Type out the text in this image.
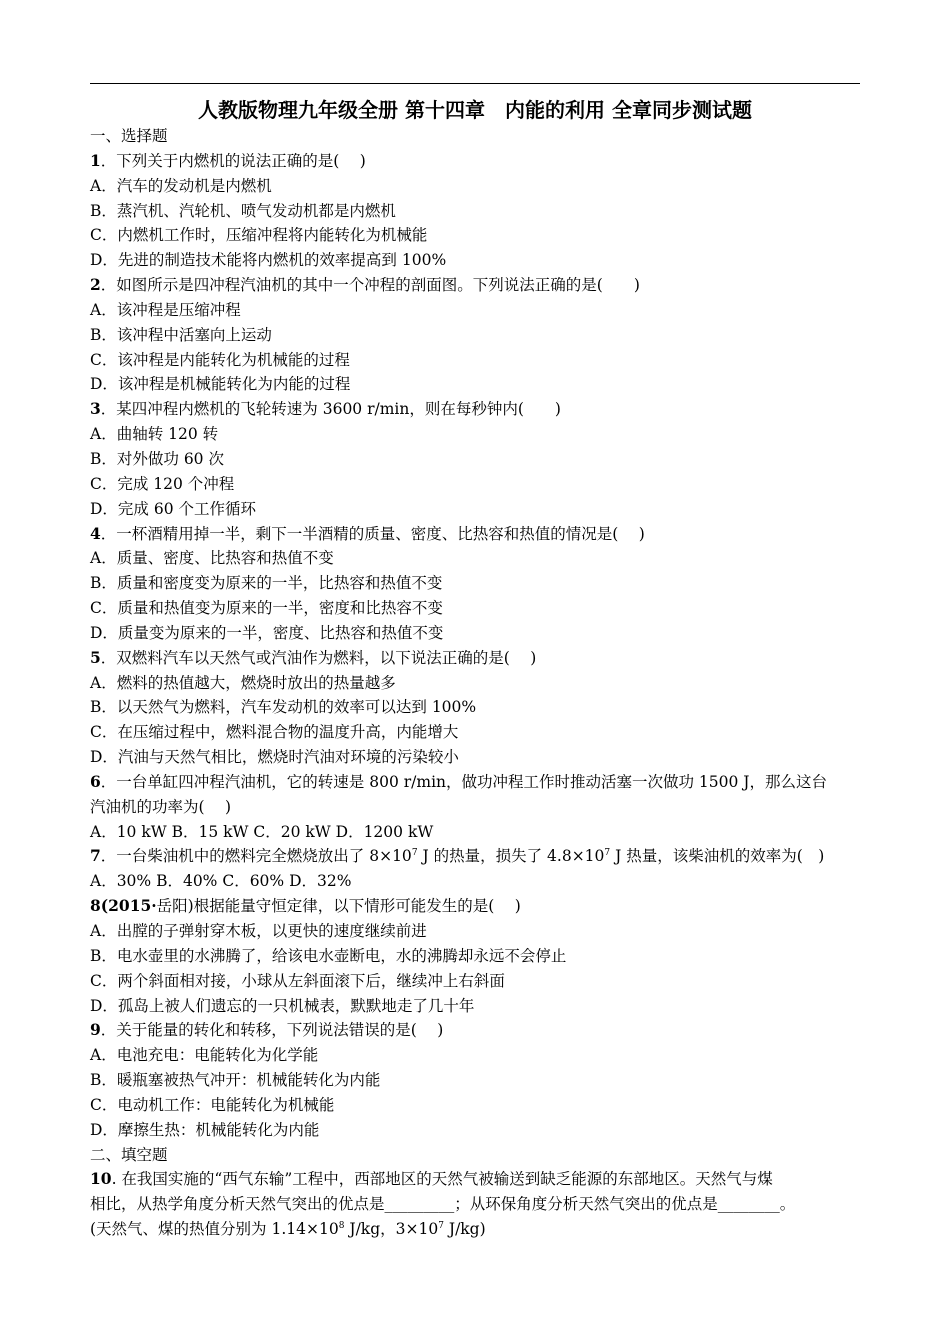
人教版物理九年级全册 第十四章　内能的利用 全章同步测试题
一、选择题
1．下列关于内燃机的说法正确的是(　 )
A．汽车的发动机是内燃机
B．蒸汽机、汽轮机、喷气发动机都是内燃机
C．内燃机工作时，压缩冲程将内能转化为机械能
D．先进的制造技术能将内燃机的效率提高到 100%
2．如图所示是四冲程汽油机的其中一个冲程的剖面图。下列说法正确的是(　　)
A．该冲程是压缩冲程
B．该冲程中活塞向上运动
C．该冲程是内能转化为机械能的过程
D．该冲程是机械能转化为内能的过程
3．某四冲程内燃机的飞轮转速为 3600 r/min，则在每秒钟内(　　)
A．曲轴转 120 转
B．对外做功 60 次
C．完成 120 个冲程
D．完成 60 个工作循环
4．一杯酒精用掉一半，剩下一半酒精的质量、密度、比热容和热值的情况是(　 )
A．质量、密度、比热容和热值不变
B．质量和密度变为原来的一半，比热容和热值不变
C．质量和热值变为原来的一半，密度和比热容不变
D．质量变为原来的一半，密度、比热容和热值不变
5．双燃料汽车以天然气或汽油作为燃料，以下说法正确的是(　 )
A．燃料的热值越大，燃烧时放出的热量越多
B．以天然气为燃料，汽车发动机的效率可以达到 100%
C．在压缩过程中，燃料混合物的温度升高，内能增大
D．汽油与天然气相比，燃烧时汽油对环境的污染较小
6．一台单缸四冲程汽油机，它的转速是 800 r/min，做功冲程工作时推动活塞一次做功 1500 J，那么这台
汽油机的功率为(　 )
A．10 kW B．15 kW C．20 kW D．1200 kW
7．一台柴油机中的燃料完全燃烧放出了 $8\times 10^7$ J 的热量，损失了 $4.8\times 10^7$ J 热量，该柴油机的效率为(　)
A．30% B．40% C．60% D．32%
8(2015·岳阳)根据能量守恒定律，以下情形可能发生的是(　 )
A．出膛的子弹射穿木板，以更快的速度继续前进
B．电水壶里的水沸腾了，给该电水壶断电，水的沸腾却永远不会停止
C．两个斜面相对接，小球从左斜面滚下后，继续冲上右斜面
D．孤岛上被人们遗忘的一只机械表，默默地走了几十年
9．关于能量的转化和转移，下列说法错误的是(　 )
A．电池充电：电能转化为化学能
B．暖瓶塞被热气冲开：机械能转化为内能
C．电动机工作：电能转化为机械能
D．摩擦生热：机械能转化为内能
二、填空题
10. 在我国实施的“西气东输”工程中，西部地区的天然气被输送到缺乏能源的东部地区。天然气与煤
相比，从热学角度分析天然气突出的优点是_________；从环保角度分析天然气突出的优点是________。
(天然气、煤的热值分别为 $1.14\times 10^8$ J/kg，$3\times 10^7$ J/kg)
